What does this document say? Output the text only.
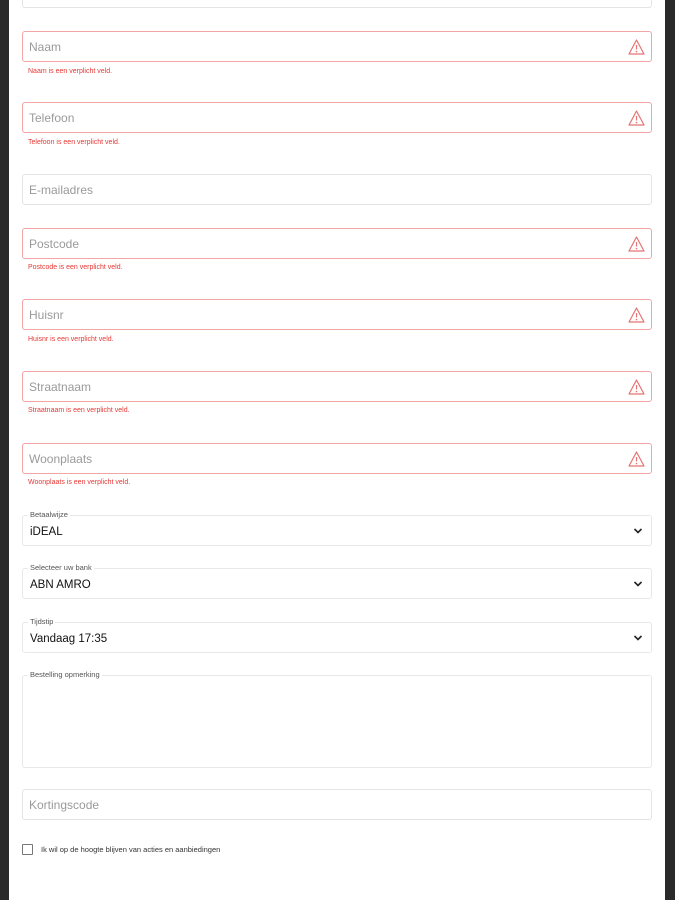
Naam
Naam is een verplicht veld.
Telefoon
Telefoon is een verplicht veld.
E-mailadres
Postcode
Postcode is een verplicht veld.
Huisnr
Huisnr is een verplicht veld.
Straatnaam
Straatnaam is een verplicht veld.
Woonplaats
Woonplaats is een verplicht veld.
Betaalwijze
iDEAL
Selecteer uw bank
ABN AMRO
Tijdstip
Vandaag 17:35
Bestelling opmerking
Kortingscode
Ik wil op de hoogte blijven van acties en aanbiedingen
